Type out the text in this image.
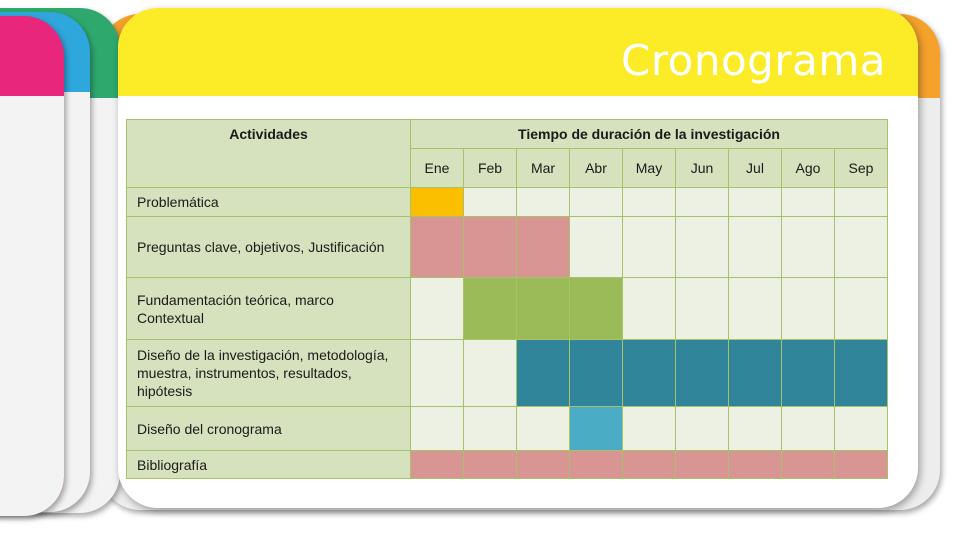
Cronograma
Actividades	Tiempo de duración de la investigación								
	Ene	Feb	Mar	Abr	May	Jun	Jul	Ago	Sep
Problemática									
Preguntas clave, objetivos, Justificación									
Fundamentación teórica, marco Contextual									
Diseño de la investigación, metodología, muestra, instrumentos, resultados, hipótesis									
Diseño del cronograma									
Bibliografía									
